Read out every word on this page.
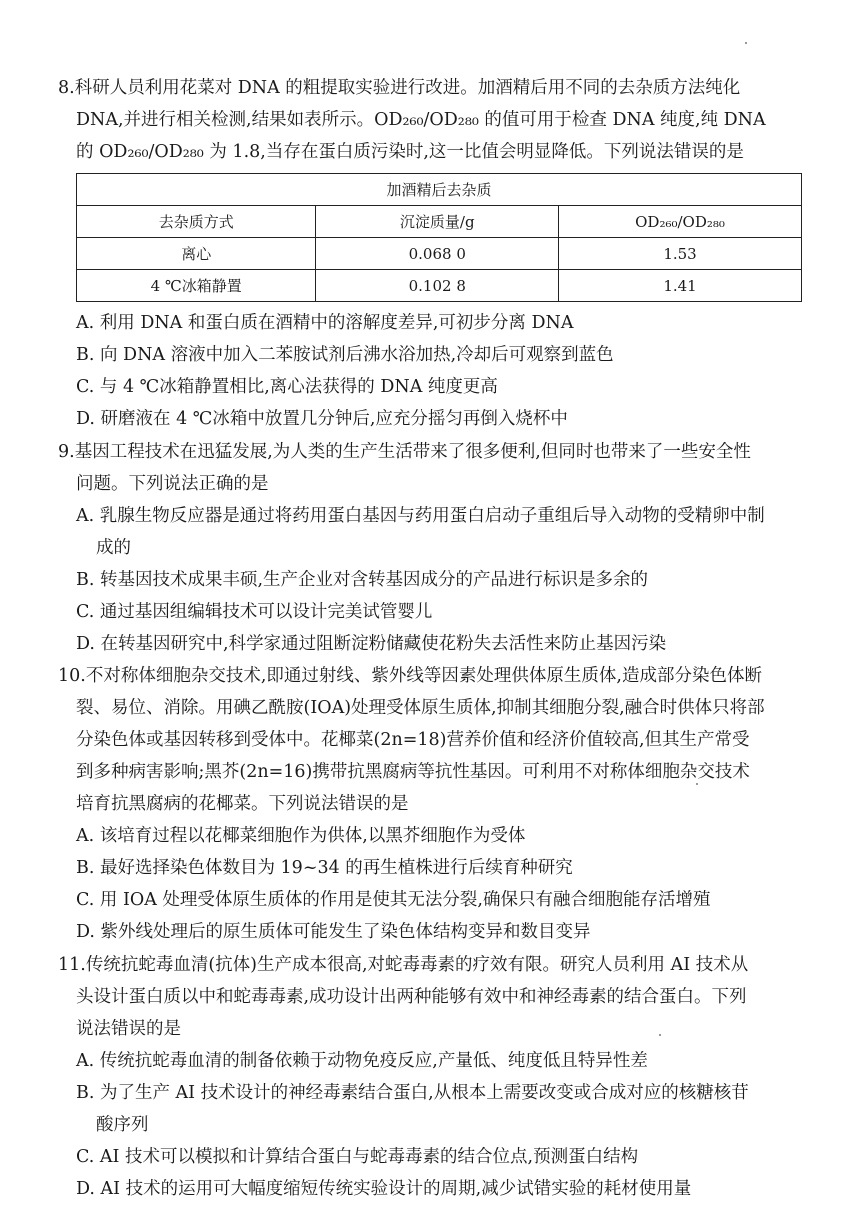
8.科研人员利用花菜对 DNA 的粗提取实验进行改进。加酒精后用不同的去杂质方法纯化
DNA,并进行相关检测,结果如表所示。OD₂₆₀/OD₂₈₀ 的值可用于检查 DNA 纯度,纯 DNA
的 OD₂₆₀/OD₂₈₀ 为 1.8,当存在蛋白质污染时,这一比值会明显降低。下列说法错误的是
加酒精后去杂质		
去杂质方式	沉淀质量/g	OD₂₆₀/OD₂₈₀
离心	0.068 0	1.53
4 ℃冰箱静置	0.102 8	1.41
A. 利用 DNA 和蛋白质在酒精中的溶解度差异,可初步分离 DNA
B. 向 DNA 溶液中加入二苯胺试剂后沸水浴加热,冷却后可观察到蓝色
C. 与 4 ℃冰箱静置相比,离心法获得的 DNA 纯度更高
D. 研磨液在 4 ℃冰箱中放置几分钟后,应充分摇匀再倒入烧杯中
9.基因工程技术在迅猛发展,为人类的生产生活带来了很多便利,但同时也带来了一些安全性
问题。下列说法正确的是
A. 乳腺生物反应器是通过将药用蛋白基因与药用蛋白启动子重组后导入动物的受精卵中制
成的
B. 转基因技术成果丰硕,生产企业对含转基因成分的产品进行标识是多余的
C. 通过基因组编辑技术可以设计完美试管婴儿
D. 在转基因研究中,科学家通过阻断淀粉储藏使花粉失去活性来防止基因污染
10.不对称体细胞杂交技术,即通过射线、紫外线等因素处理供体原生质体,造成部分染色体断
裂、易位、消除。用碘乙酰胺(IOA)处理受体原生质体,抑制其细胞分裂,融合时供体只将部
分染色体或基因转移到受体中。花椰菜(2n=18)营养价值和经济价值较高,但其生产常受
到多种病害影响;黑芥(2n=16)携带抗黑腐病等抗性基因。可利用不对称体细胞杂交技术
培育抗黑腐病的花椰菜。下列说法错误的是
A. 该培育过程以花椰菜细胞作为供体,以黑芥细胞作为受体
B. 最好选择染色体数目为 19~34 的再生植株进行后续育种研究
C. 用 IOA 处理受体原生质体的作用是使其无法分裂,确保只有融合细胞能存活增殖
D. 紫外线处理后的原生质体可能发生了染色体结构变异和数目变异
11.传统抗蛇毒血清(抗体)生产成本很高,对蛇毒毒素的疗效有限。研究人员利用 AI 技术从
头设计蛋白质以中和蛇毒毒素,成功设计出两种能够有效中和神经毒素的结合蛋白。下列
说法错误的是
A. 传统抗蛇毒血清的制备依赖于动物免疫反应,产量低、纯度低且特异性差
B. 为了生产 AI 技术设计的神经毒素结合蛋白,从根本上需要改变或合成对应的核糖核苷
酸序列
C. AI 技术可以模拟和计算结合蛋白与蛇毒毒素的结合位点,预测蛋白结构
D. AI 技术的运用可大幅度缩短传统实验设计的周期,减少试错实验的耗材使用量
